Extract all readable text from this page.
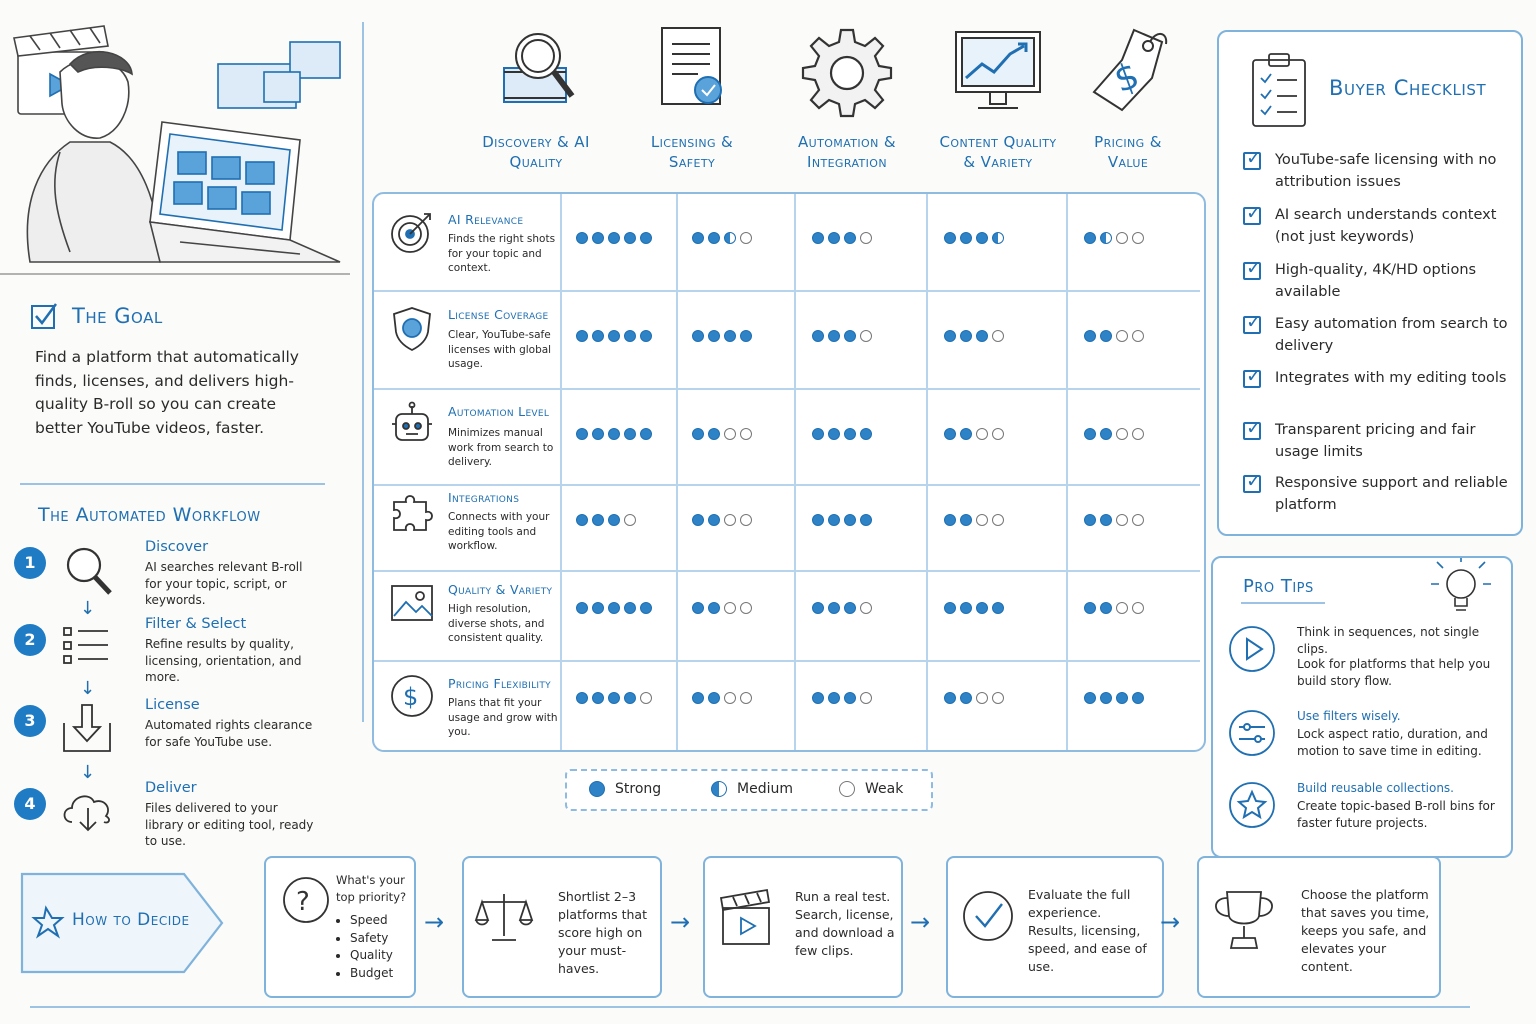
The Goal
Find a platform that automatically finds, licenses, and delivers high-quality B-roll so you can create better YouTube videos, faster.
The Automated Workflow
1
Discover
AI searches relevant B-roll for your topic, script, or keywords.
↓
2
Filter & Select
Refine results by quality, licensing, orientation, and more.
↓
3
License
Automated rights clearance for safe YouTube use.
↓
4
Deliver
Files delivered to your library or editing tool, ready to use.
Discovery & AI
Quality
Licensing &
Safety
Automation &
Integration
Content Quality
& Variety
$
Pricing &
Value
$
AI Relevance
Finds the right shots for your topic and context.
License Coverage
Clear, YouTube-safe licenses with global usage.
Automation Level
Minimizes manual work from search to delivery.
Integrations
Connects with your editing tools and workflow.
Quality & Variety
High resolution, diverse shots, and consistent quality.
Pricing Flexibility
Plans that fit your usage and grow with you.
Strong	Medium	Weak
Buyer Checklist
✓
YouTube-safe licensing with no attribution issues
✓
AI search understands context (not just keywords)
✓
High-quality, 4K/HD options available
✓
Easy automation from search to delivery
✓
Integrates with my editing tools
✓
Transparent pricing and fair usage limits
✓
Responsive support and reliable platform
Pro Tips
Think in sequences, not single clips.
Look for platforms that help you build story flow.
Use filters wisely.
Lock aspect ratio, duration, and motion to save time in editing.
Build reusable collections.
Create topic-based B-roll bins for faster future projects.
How to Decide
?
What's your top priority?
• Speed
• Safety
• Quality
• Budget
→
Shortlist 2–3 platforms that score high on your must-haves.
→
Run a real test. Search, license, and download a few clips.
→
Evaluate the full experience. Results, licensing, speed, and ease of use.
→
Choose the platform that saves you time, keeps you safe, and elevates your content.
